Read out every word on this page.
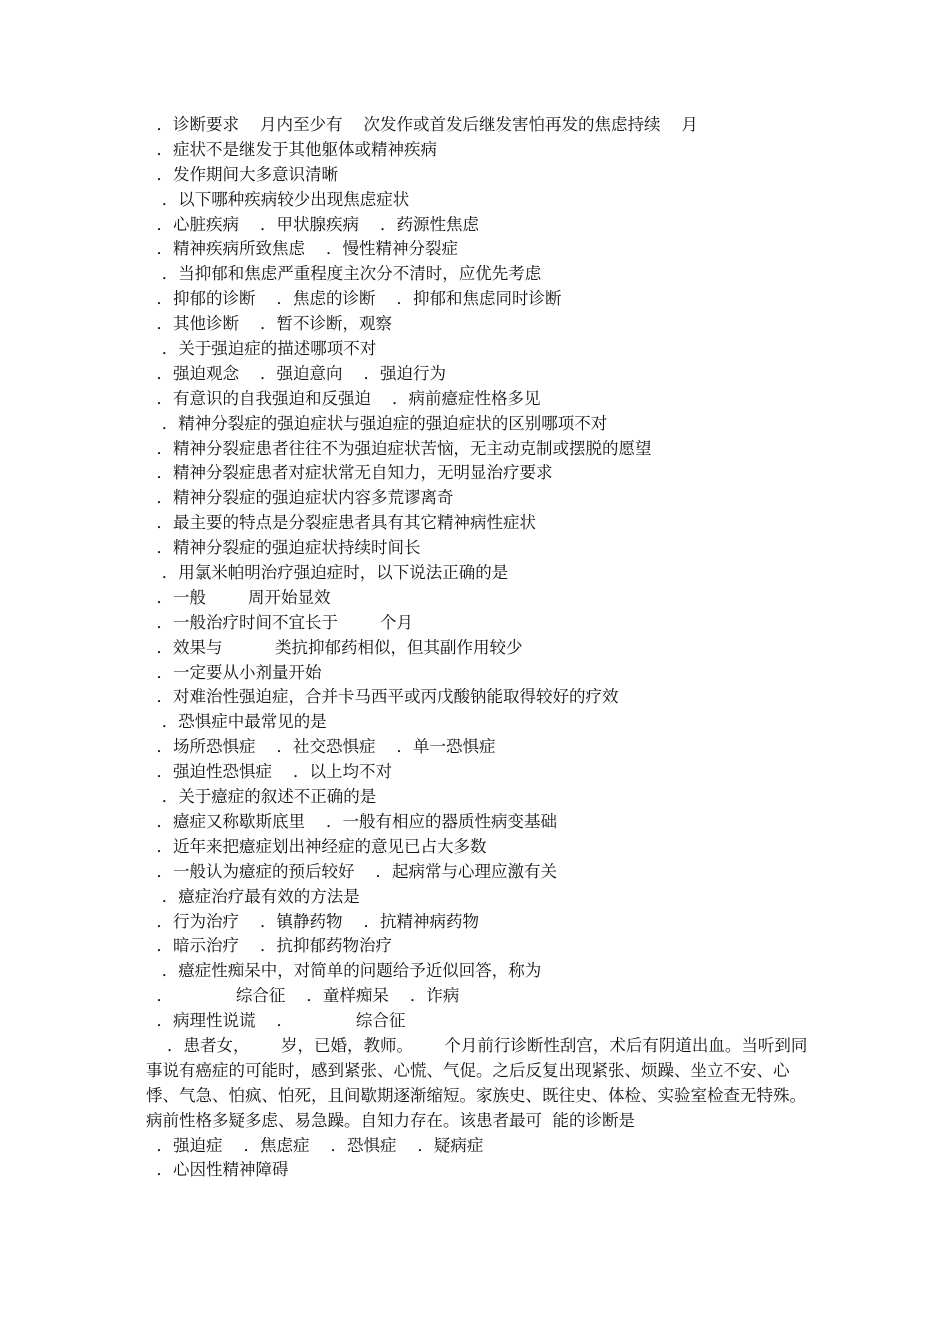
．诊断要求    月内至少有    次发作或首发后继发害怕再发的焦虑持续    月
．症状不是继发于其他躯体或精神疾病
．发作期间大多意识清晰
．以下哪种疾病较少出现焦虑症状
．心脏疾病    ．甲状腺疾病    ．药源性焦虑
．精神疾病所致焦虑    ．慢性精神分裂症
．当抑郁和焦虑严重程度主次分不清时，应优先考虑
．抑郁的诊断    ．焦虑的诊断    ．抑郁和焦虑同时诊断
．其他诊断    ．暂不诊断，观察
．关于强迫症的描述哪项不对
．强迫观念    ．强迫意向    ．强迫行为
．有意识的自我强迫和反强迫    ．病前癔症性格多见
．精神分裂症的强迫症状与强迫症的强迫症状的区别哪项不对
．精神分裂症患者往往不为强迫症状苦恼，无主动克制或摆脱的愿望
．精神分裂症患者对症状常无自知力，无明显治疗要求
．精神分裂症的强迫症状内容多荒谬离奇
．最主要的特点是分裂症患者具有其它精神病性症状
．精神分裂症的强迫症状持续时间长
．用氯米帕明治疗强迫症时，以下说法正确的是
．一般        周开始显效
．一般治疗时间不宜长于        个月
．效果与          类抗抑郁药相似，但其副作用较少
．一定要从小剂量开始
．对难治性强迫症，合并卡马西平或丙戊酸钠能取得较好的疗效
．恐惧症中最常见的是
．场所恐惧症    ．社交恐惧症    ．单一恐惧症
．强迫性恐惧症    ．以上均不对
．关于癔症的叙述不正确的是
．癔症又称歇斯底里    ．一般有相应的器质性病变基础
．近年来把癔症划出神经症的意见已占大多数
．一般认为癔症的预后较好    ．起病常与心理应激有关
．癔症治疗最有效的方法是
．行为治疗    ．镇静药物    ．抗精神病药物
．暗示治疗    ．抗抑郁药物治疗
．癔症性痴呆中，对简单的问题给予近似回答，称为
．            综合征    ．童样痴呆    ．诈病
．病理性说谎    ．            综合征
．患者女，      岁，已婚，教师。      个月前行诊断性刮宫，术后有阴道出血。当听到同事说有癌症的可能时，感到紧张、心慌、气促。之后反复出现紧张、烦躁、坐立不安、心悸、气急、怕疯、怕死，且间歇期逐渐缩短。家族史、既往史、体检、实验室检查无特殊。病前性格多疑多虑、易急躁。自知力存在。该患者最可  能的诊断是
．强迫症    ．焦虑症    ．恐惧症    ．疑病症
．心因性精神障碍
